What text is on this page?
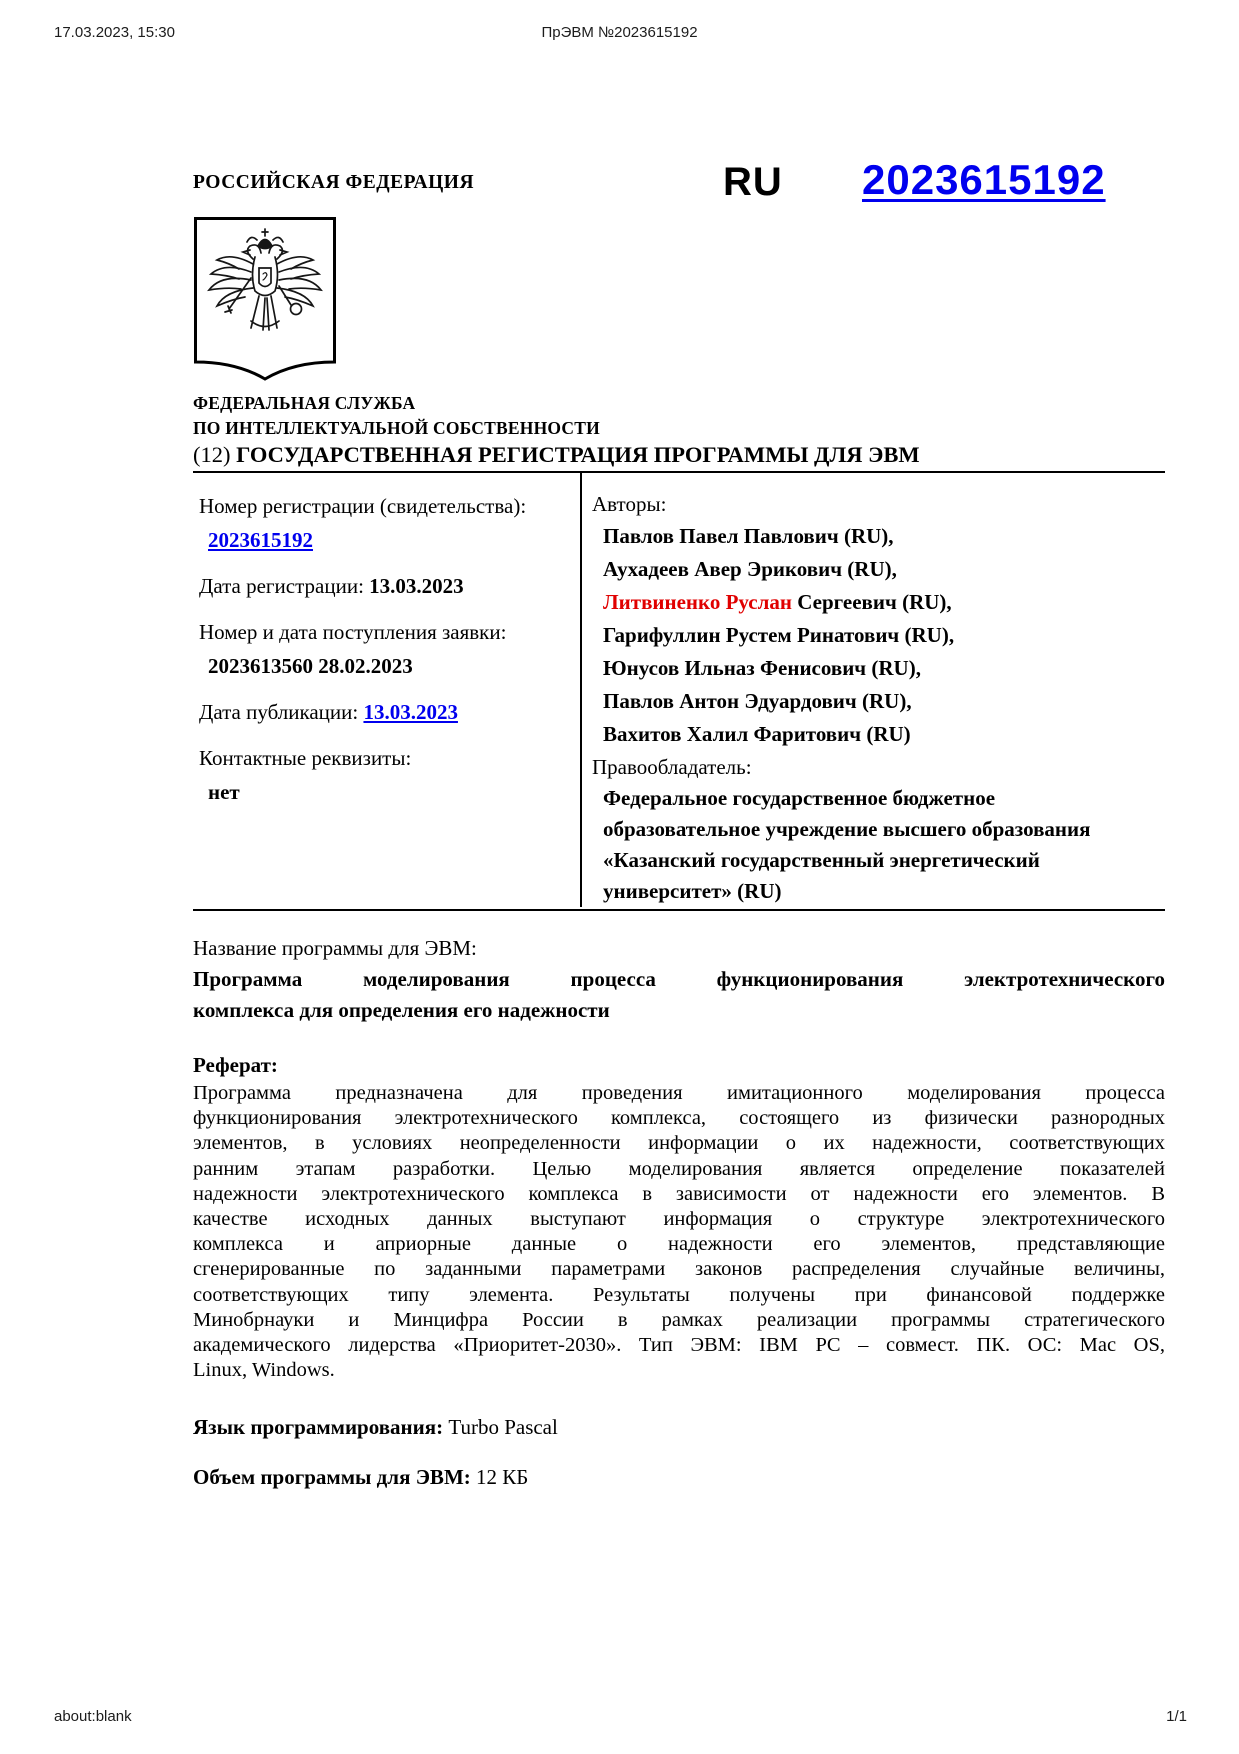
17.03.2023, 15:30	ПрЭВМ №2023615192
РОССИЙСКАЯ ФЕДЕРАЦИЯ	RU 2023615192
ФЕДЕРАЛЬНАЯ СЛУЖБА
ПО ИНТЕЛЛЕКТУАЛЬНОЙ СОБСТВЕННОСТИ
(12) ГОСУДАРСТВЕННАЯ РЕГИСТРАЦИЯ ПРОГРАММЫ ДЛЯ ЭВМ
Номер регистрации (свидетельства):
2023615192
Дата регистрации: 13.03.2023
Номер и дата поступления заявки:
2023613560 28.02.2023
Дата публикации: 13.03.2023
Контактные реквизиты:
нет
Авторы:
Павлов Павел Павлович (RU),
Аухадеев Авер Эрикович (RU),
Литвиненко Руслан Сергеевич (RU),
Гарифуллин Рустем Ринатович (RU),
Юнусов Ильназ Фенисович (RU),
Павлов Антон Эдуардович (RU),
Вахитов Халил Фаритович (RU)
Правообладатель:
Федеральное государственное бюджетное
образовательное учреждение высшего образования
«Казанский государственный энергетический
университет» (RU)
Название программы для ЭВМ:
Программа моделирования процесса функционирования электротехнического
комплекса для определения его надежности
Реферат:
Программа предназначена для проведения имитационного моделирования процесса
функционирования электротехнического комплекса, состоящего из физически разнородных
элементов, в условиях неопределенности информации о их надежности, соответствующих
ранним этапам разработки. Целью моделирования является определение показателей
надежности электротехнического комплекса в зависимости от надежности его элементов. В
качестве исходных данных выступают информация о структуре электротехнического
комплекса и априорные данные о надежности его элементов, представляющие
сгенерированные по заданными параметрами законов распределения случайные величины,
соответствующих типу элемента. Результаты получены при финансовой поддержке
Минобрнауки и Минцифра России в рамках реализации программы стратегического
академического лидерства «Приоритет-2030». Тип ЭВМ: IBM PC – совмест. ПК. ОС: Mac OS,
Linux, Windows.
Язык программирования: Turbo Pascal
Объем программы для ЭВМ: 12 КБ
about:blank	1/1
